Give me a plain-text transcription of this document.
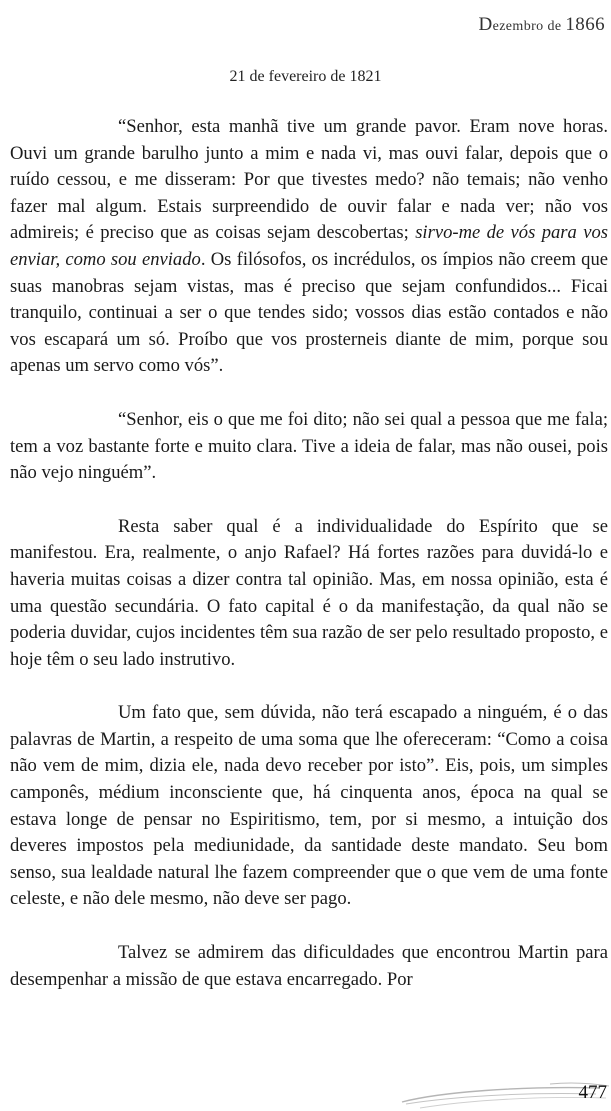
Dezembro de 1866
21 de fevereiro de 1821

“Senhor, esta manhã tive um grande pavor. Eram nove horas. Ouvi um grande barulho junto a mim e nada vi, mas ouvi falar, depois que o ruído cessou, e me disseram: Por que tivestes medo? não temais; não venho fazer mal algum. Estais surpreendido de ouvir falar e nada ver; não vos admireis; é preciso que as coisas sejam descobertas; sirvo-me de vós para vos enviar, como sou enviado. Os filósofos, os incrédulos, os ímpios não creem que suas manobras sejam vistas, mas é preciso que sejam confundidos... Ficai tranquilo, continuai a ser o que tendes sido; vossos dias estão contados e não vos escapará um só. Proíbo que vos prosterneis diante de mim, porque sou apenas um servo como vós”.

“Senhor, eis o que me foi dito; não sei qual a pessoa que me fala; tem a voz bastante forte e muito clara. Tive a ideia de falar, mas não ousei, pois não vejo ninguém”.

Resta saber qual é a individualidade do Espírito que se manifestou. Era, realmente, o anjo Rafael? Há fortes razões para duvidá-lo e haveria muitas coisas a dizer contra tal opinião. Mas, em nossa opinião, esta é uma questão secundária. O fato capital é o da manifestação, da qual não se poderia duvidar, cujos incidentes têm sua razão de ser pelo resultado proposto, e hoje têm o seu lado instrutivo.

Um fato que, sem dúvida, não terá escapado a ninguém, é o das palavras de Martin, a respeito de uma soma que lhe ofereceram: “Como a coisa não vem de mim, dizia ele, nada devo receber por isto”. Eis, pois, um simples camponês, médium inconsciente que, há cinquenta anos, época na qual se estava longe de pensar no Espiritismo, tem, por si mesmo, a intuição dos deveres impostos pela mediunidade, da santidade deste mandato. Seu bom senso, sua lealdade natural lhe fazem compreender que o que vem de uma fonte celeste, e não dele mesmo, não deve ser pago.

Talvez se admirem das dificuldades que encontrou Martin para desempenhar a missão de que estava encarregado. Por

477
